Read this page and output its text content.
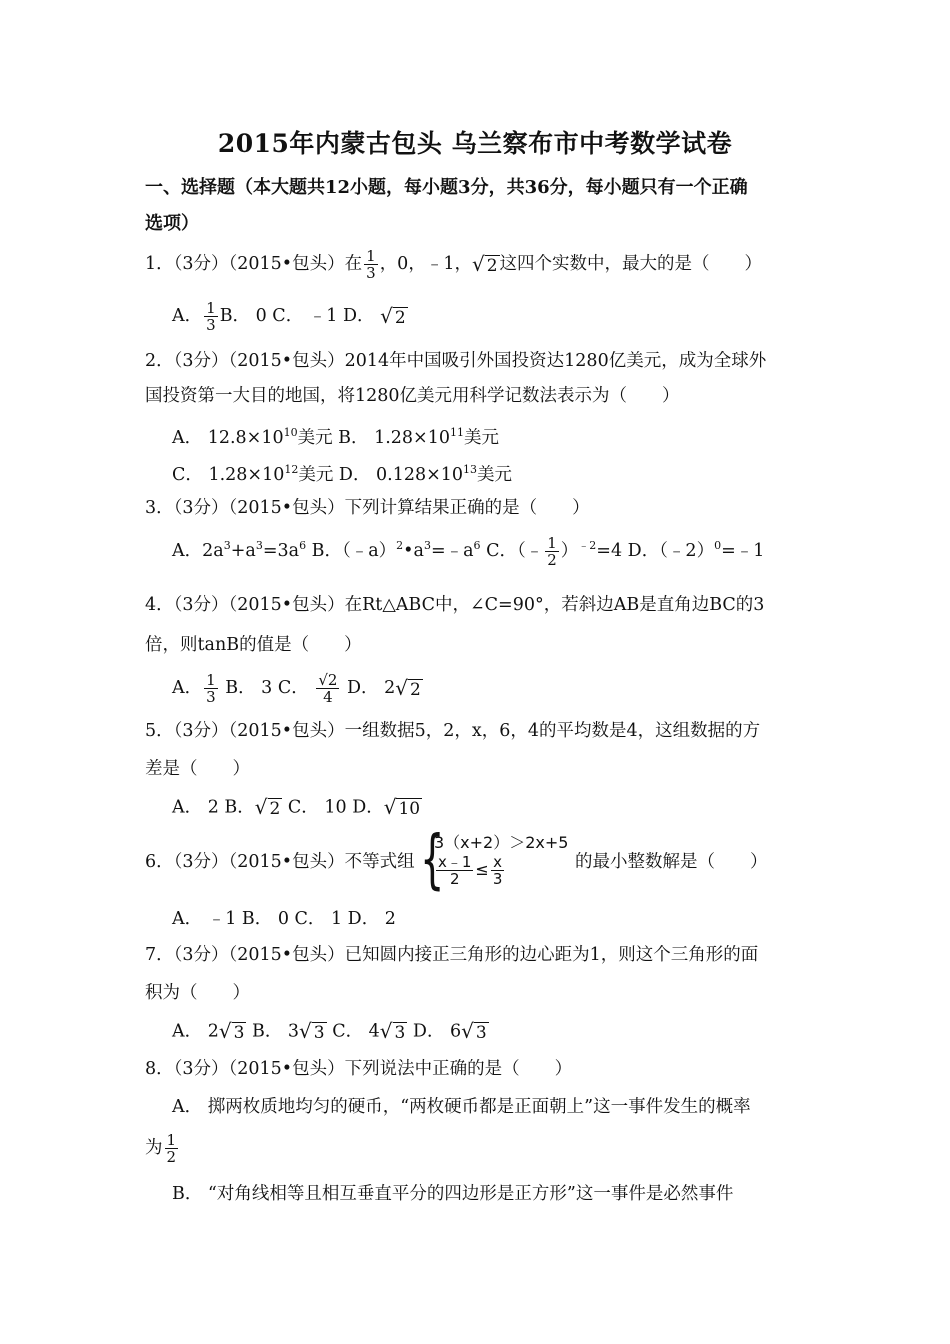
2015年内蒙古包头 乌兰察布市中考数学试卷
一、选择题（本大题共12小题，每小题3分，共36分，每小题只有一个正确
选项）
1．（3分）（2015•包头）在 $\frac{1}{3}$ ，0，﹣1，√ 2 这四个实数中，最大的是（　　）
A． $\frac{1}{3}$ B． 0 C． ﹣1 D． √ 2
2．（3分）（2015•包头）2014年中国吸引外国投资达1280亿美元，成为全球外
国投资第一大目的地国，将1280亿美元用科学记数法表示为（　　）
A． $12.8\times 10^{10}$美元 B． $1.28\times 10^{11}$美元
C． $1.28\times 10^{12}$美元 D． $0.128\times 10^{13}$美元
3．（3分）（2015•包头）下列计算结果正确的是（　　）
A．$2a^3+a^3=3a^6$ B．$(﹣a)^2•a^3=﹣a^6$ C．（﹣ $\frac{1}{2} )^{﹣2}=4$ D．（﹣2）$^0$=﹣1
4．（3分）（2015•包头）在Rt△ABC中，∠C=90°，若斜边AB是直角边BC的3
倍，则tanB的值是（　　）
A． $\frac{1}{3}$ B． 3 C． $\frac{√2}{4}$ D． 2√ 2
5．（3分）（2015•包头）一组数据5，2，x，6，4的平均数是4，这组数据的方
差是（　　）
A． 2 B．√ 2 C． 10 D．√ 10
6．（3分）（2015•包头）不等式组 {
3（x+2）＞2x+5
$\frac{x﹣1}{2} \le \frac{x}{3}$	的最小整数解是（　　）
A． ﹣1 B． 0 C． 1 D． 2
7．（3分）（2015•包头）已知圆内接正三角形的边心距为1，则这个三角形的面
积为（　　）
A． 2√ 3 B． 3√ 3 C． 4√ 3 D． 6√ 3
8．（3分）（2015•包头）下列说法中正确的是（　　）
A． 掷两枚质地均匀的硬币，“两枚硬币都是正面朝上”这一事件发生的概率
为 $\frac{1}{2}$
B． “对角线相等且相互垂直平分的四边形是正方形”这一事件是必然事件
